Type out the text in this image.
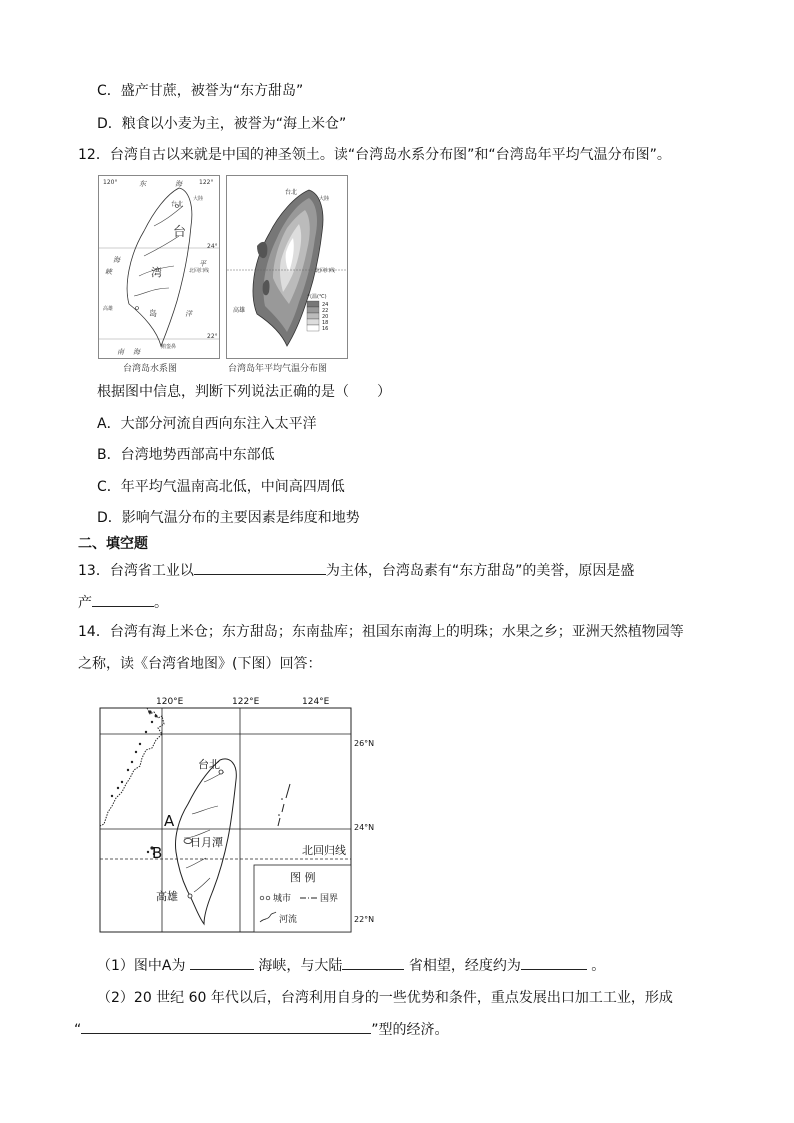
C．盛产甘蔗，被誉为“东方甜岛”
D．粮食以小麦为主，被誉为“海上米仓”
12．台湾自古以来就是中国的神圣领土。读“台湾岛水系分布图”和“台湾岛年平均气温分布图”。
120°	东	海	122°
台北
大陸
台
24°
海
北回归线
峡	湾
平
高雄	岛	洋
南 海
鹅銮鼻
22°
台湾岛水系图
台北
大陸
北回归线
高雄
气温(℃)
24
22
20
18
16
台湾岛年平均气温分布图
根据图中信息，判断下列说法正确的是（　　）
A．大部分河流自西向东注入太平洋
B．台湾地势西部高中东部低
C．年平均气温南高北低，中间高四周低
D．影响气温分布的主要因素是纬度和地势
二、填空题
13．台湾省工业以	为主体，台湾岛素有“东方甜岛”的美誉，原因是盛
产	。
14．台湾有海上米仓；东方甜岛；东南盐库；祖国东南海上的明珠；水果之乡；亚洲天然植物园等
之称，读《台湾省地图》(下图）回答：
120°E	122°E	124°E
26°N
24°N
22°N
台北
A
B
日月潭
北回归线
高雄
图 例
城市	国界
河流
（1）图中A为	海峡，与大陆	省相望，经度约为	。
（2）20 世纪 60 年代以后，台湾利用自身的一些优势和条件，重点发展出口加工工业，形成
“	”型的经济。
